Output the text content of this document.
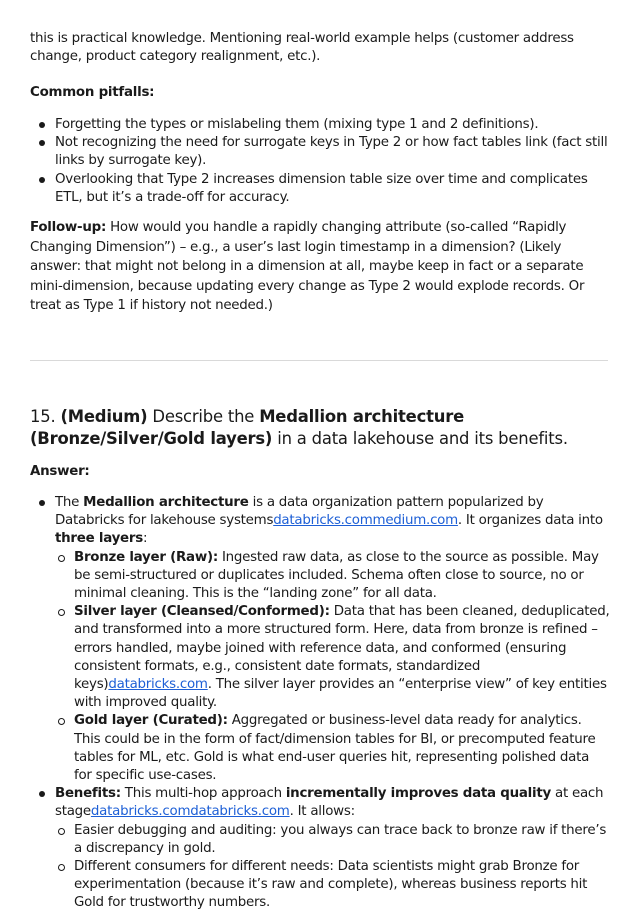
this is practical knowledge. Mentioning real-world example helps (customer address change, product category realignment, etc.).

Common pitfalls:

Forgetting the types or mislabeling them (mixing type 1 and 2 definitions).
Not recognizing the need for surrogate keys in Type 2 or how fact tables link (fact still links by surrogate key).
Overlooking that Type 2 increases dimension table size over time and complicates ETL, but it’s a trade-off for accuracy.

Follow-up: How would you handle a rapidly changing attribute (so-called “Rapidly Changing Dimension”) – e.g., a user’s last login timestamp in a dimension? (Likely answer: that might not belong in a dimension at all, maybe keep in fact or a separate mini-dimension, because updating every change as Type 2 would explode records. Or treat as Type 1 if history not needed.)

15. (Medium) Describe the Medallion architecture (Bronze/Silver/Gold layers) in a data lakehouse and its benefits.

Answer:

The Medallion architecture is a data organization pattern popularized by Databricks for lakehouse systemsdatabricks.commedium.com. It organizes data into three layers:
Bronze layer (Raw): Ingested raw data, as close to the source as possible. May be semi-structured or duplicates included. Schema often close to source, no or minimal cleaning. This is the “landing zone” for all data.
Silver layer (Cleansed/Conformed): Data that has been cleaned, deduplicated, and transformed into a more structured form. Here, data from bronze is refined – errors handled, maybe joined with reference data, and conformed (ensuring consistent formats, e.g., consistent date formats, standardized keys)databricks.com. The silver layer provides an “enterprise view” of key entities with improved quality.
Gold layer (Curated): Aggregated or business-level data ready for analytics. This could be in the form of fact/dimension tables for BI, or precomputed feature tables for ML, etc. Gold is what end-user queries hit, representing polished data for specific use-cases.
Benefits: This multi-hop approach incrementally improves data quality at each stagedatabricks.comdatabricks.com. It allows:
Easier debugging and auditing: you always can trace back to bronze raw if there’s a discrepancy in gold.
Different consumers for different needs: Data scientists might grab Bronze for experimentation (because it’s raw and complete), whereas business reports hit Gold for trustworthy numbers.
